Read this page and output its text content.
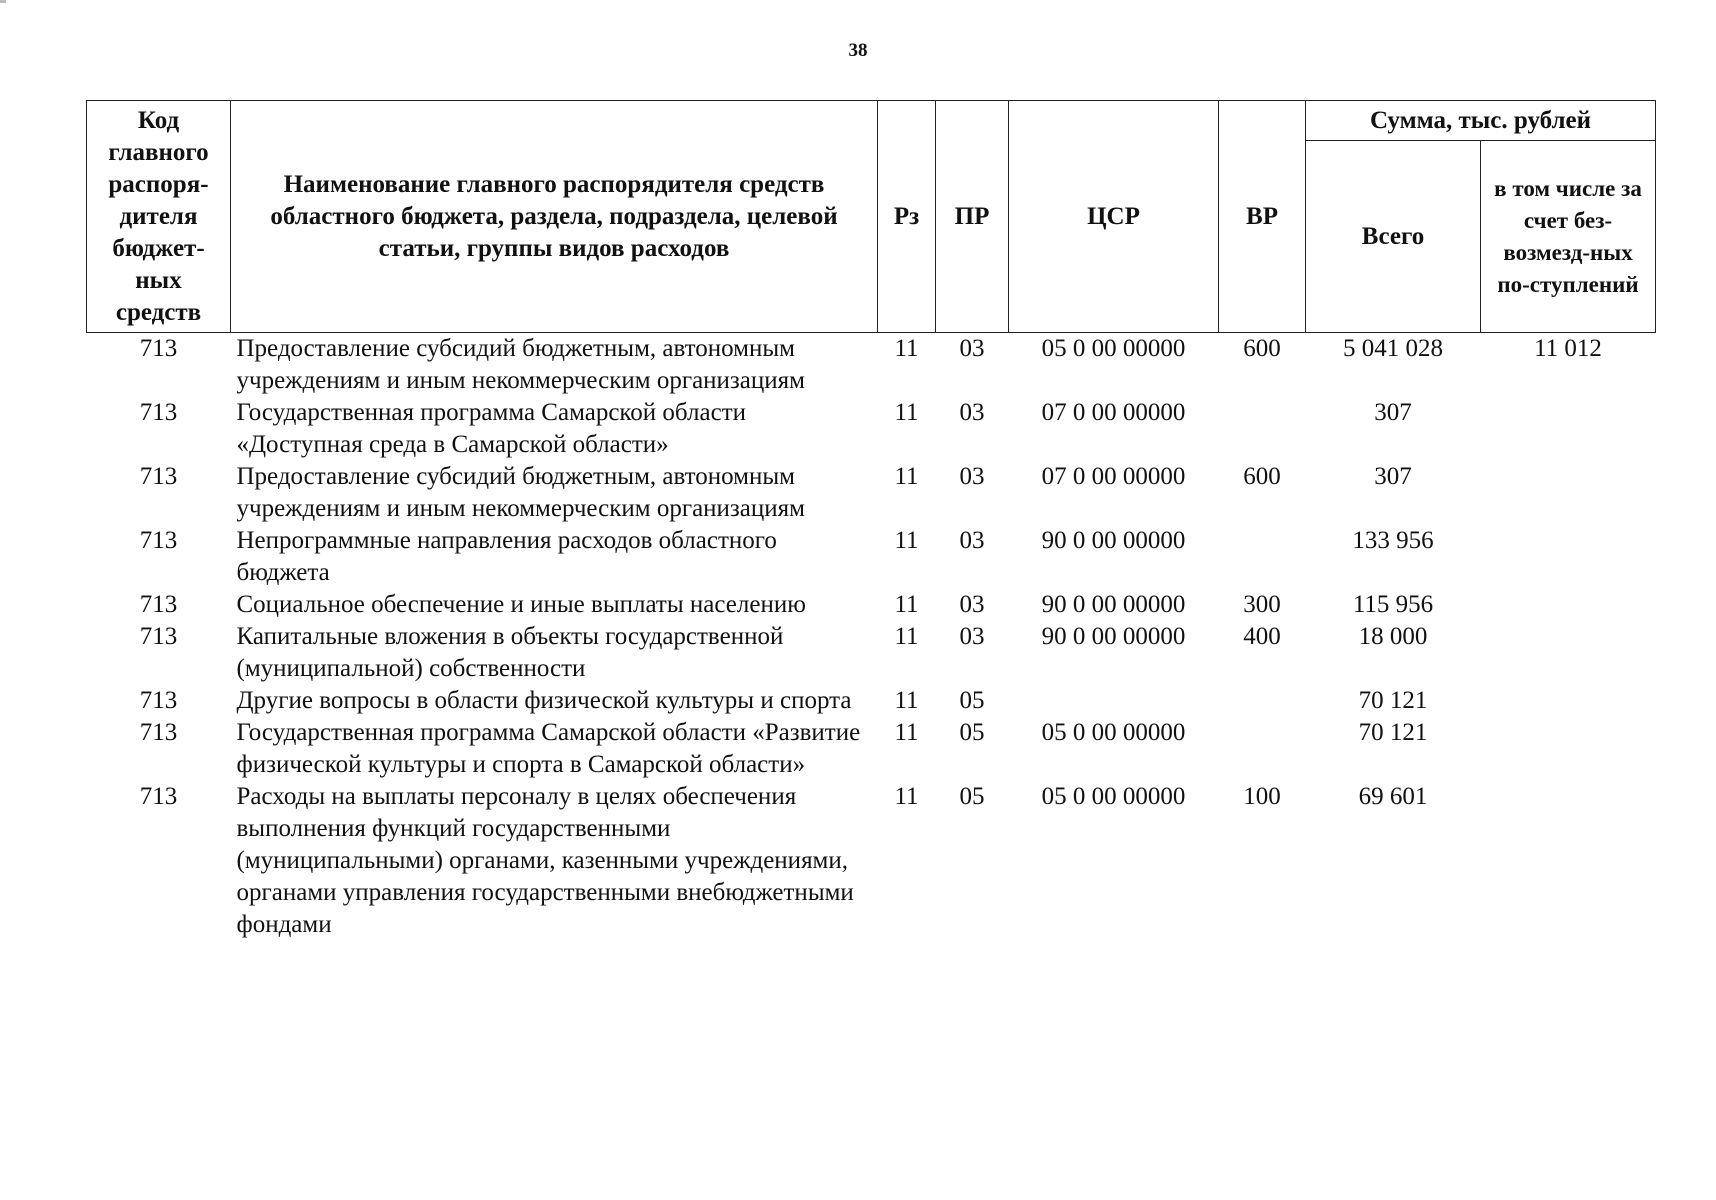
38
Код главного распоря-дителя бюджет-ных средств	Наименование главного распорядителя средств областного бюджета, раздела, подраздела, целевой статьи, группы видов расходов	Рз	ПР	ЦСР	ВР	Сумма, тыс. рублей	
						Всего	в том числе за счет без-возмезд-ных по-ступлений
713	Предоставление субсидий бюджетным, автономным учреждениям и иным некоммерческим организациям	11	03	05 0 00 00000	600	5 041 028	11 012
713	Государственная программа Самарской области «Доступная среда в Самарской области»	11	03	07 0 00 00000		307	
713	Предоставление субсидий бюджетным, автономным учреждениям и иным некоммерческим организациям	11	03	07 0 00 00000	600	307	
713	Непрограммные направления расходов областного бюджета	11	03	90 0 00 00000		133 956	
713	Социальное обеспечение и иные выплаты населению	11	03	90 0 00 00000	300	115 956	
713	Капитальные вложения в объекты государственной (муниципальной) собственности	11	03	90 0 00 00000	400	18 000	
713	Другие вопросы в области физической культуры и спорта	11	05			70 121	
713	Государственная программа Самарской области «Развитие физической культуры и спорта в Самарской области»	11	05	05 0 00 00000		70 121	
713	Расходы на выплаты персоналу в целях обеспечения выполнения функций государственными (муниципальными) органами, казенными учреждениями, органами управления государственными внебюджетными фондами	11	05	05 0 00 00000	100	69 601	
